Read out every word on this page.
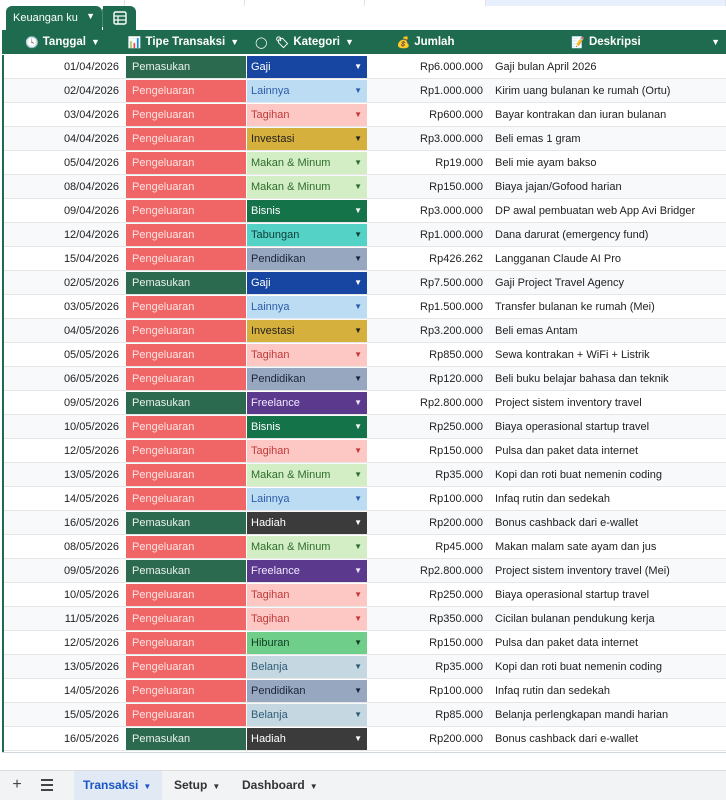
Keuangan ku ▼
🕓 Tanggal ▼	📊 Tipe Transaksi ▼ ◯ 🏷 Kategori ▼	💰 Jumlah	📝 Deskripsi	▼
01/04/2026	Pemasukan	Gaji	▼	Rp6.000.000 Gaji bulan April 2026
02/04/2026	Pengeluaran	Lainnya	▼	Rp1.000.000 Kirim uang bulanan ke rumah (Ortu)
03/04/2026	Pengeluaran	Tagihan	▼	Rp600.000 Bayar kontrakan dan iuran bulanan
04/04/2026	Pengeluaran	Investasi	▼	Rp3.000.000 Beli emas 1 gram
05/04/2026	Pengeluaran	Makan & Minum	▼	Rp19.000 Beli mie ayam bakso
08/04/2026	Pengeluaran	Makan & Minum	▼	Rp150.000 Biaya jajan/Gofood harian
09/04/2026	Pengeluaran	Bisnis	▼	Rp3.000.000 DP awal pembuatan web App Avi Bridger
12/04/2026	Pengeluaran	Tabungan	▼	Rp1.000.000 Dana darurat (emergency fund)
15/04/2026	Pengeluaran	Pendidikan	▼	Rp426.262 Langganan Claude AI Pro
02/05/2026	Pemasukan	Gaji	▼	Rp7.500.000 Gaji Project Travel Agency
03/05/2026	Pengeluaran	Lainnya	▼	Rp1.500.000 Transfer bulanan ke rumah (Mei)
04/05/2026	Pengeluaran	Investasi	▼	Rp3.200.000 Beli emas Antam
05/05/2026	Pengeluaran	Tagihan	▼	Rp850.000 Sewa kontrakan + WiFi + Listrik
06/05/2026	Pengeluaran	Pendidikan	▼	Rp120.000 Beli buku belajar bahasa dan teknik
09/05/2026	Pemasukan	Freelance	▼	Rp2.800.000 Project sistem inventory travel
10/05/2026	Pengeluaran	Bisnis	▼	Rp250.000 Biaya operasional startup travel
12/05/2026	Pengeluaran	Tagihan	▼	Rp150.000 Pulsa dan paket data internet
13/05/2026	Pengeluaran	Makan & Minum	▼	Rp35.000 Kopi dan roti buat nemenin coding
14/05/2026	Pengeluaran	Lainnya	▼	Rp100.000 Infaq rutin dan sedekah
16/05/2026	Pemasukan	Hadiah	▼	Rp200.000 Bonus cashback dari e-wallet
08/05/2026	Pengeluaran	Makan & Minum	▼	Rp45.000 Makan malam sate ayam dan jus
09/05/2026	Pemasukan	Freelance	▼	Rp2.800.000 Project sistem inventory travel (Mei)
10/05/2026	Pengeluaran	Tagihan	▼	Rp250.000 Biaya operasional startup travel
11/05/2026	Pengeluaran	Tagihan	▼	Rp350.000 Cicilan bulanan pendukung kerja
12/05/2026	Pengeluaran	Hiburan	▼	Rp150.000 Pulsa dan paket data internet
13/05/2026	Pengeluaran	Belanja	▼	Rp35.000 Kopi dan roti buat nemenin coding
14/05/2026	Pengeluaran	Pendidikan	▼	Rp100.000 Infaq rutin dan sedekah
15/05/2026	Pengeluaran	Belanja	▼	Rp85.000 Belanja perlengkapan mandi harian
16/05/2026	Pemasukan	Hadiah	▼	Rp200.000 Bonus cashback dari e-wallet
+	Transaksi ▼	Setup ▼	Dashboard ▼
